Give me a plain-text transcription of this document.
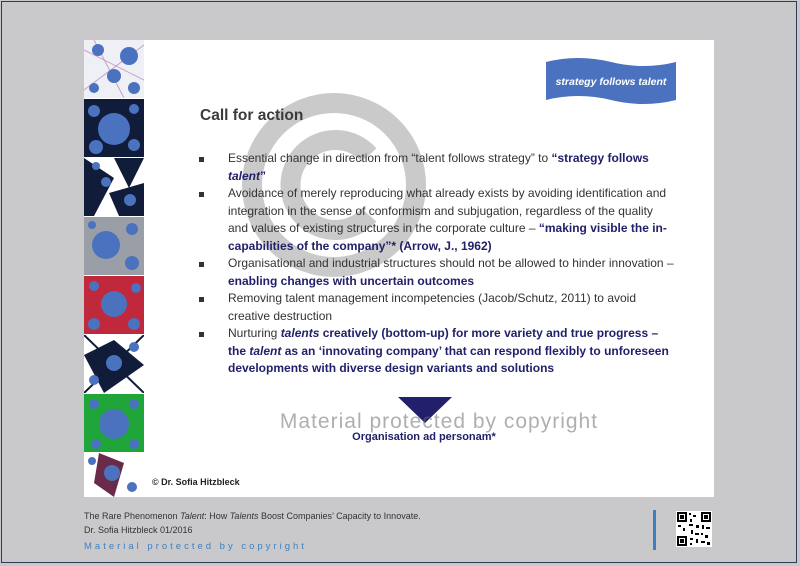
strategy follows talent
Call for action
Essential change in direction from “talent follows strategy” to “strategy follows talent”
Avoidance of merely reproducing what already exists by avoiding identification and integration in the sense of conformism and subjugation, regardless of the quality and values of existing structures in the corporate culture – “making visible the in-capabilities of the company”* (Arrow, J., 1962)
Organisational and industrial structures should not be allowed to hinder innovation – enabling changes with uncertain outcomes
Removing talent management incompetencies (Jacob/Schutz, 2011) to avoid creative destruction
Nurturing talents creatively (bottom-up) for more variety and true progress – the talent as an ‘innovating company’ that can respond flexibly to unforeseen developments with diverse design variants and solutions
Material protected by copyright
Organisation ad personam*
© Dr. Sofia Hitzbleck
The Rare Phenomenon Talent: How Talents Boost Companies’ Capacity to Innovate.
Dr. Sofia Hitzbleck 01/2016
Material protected by copyright
